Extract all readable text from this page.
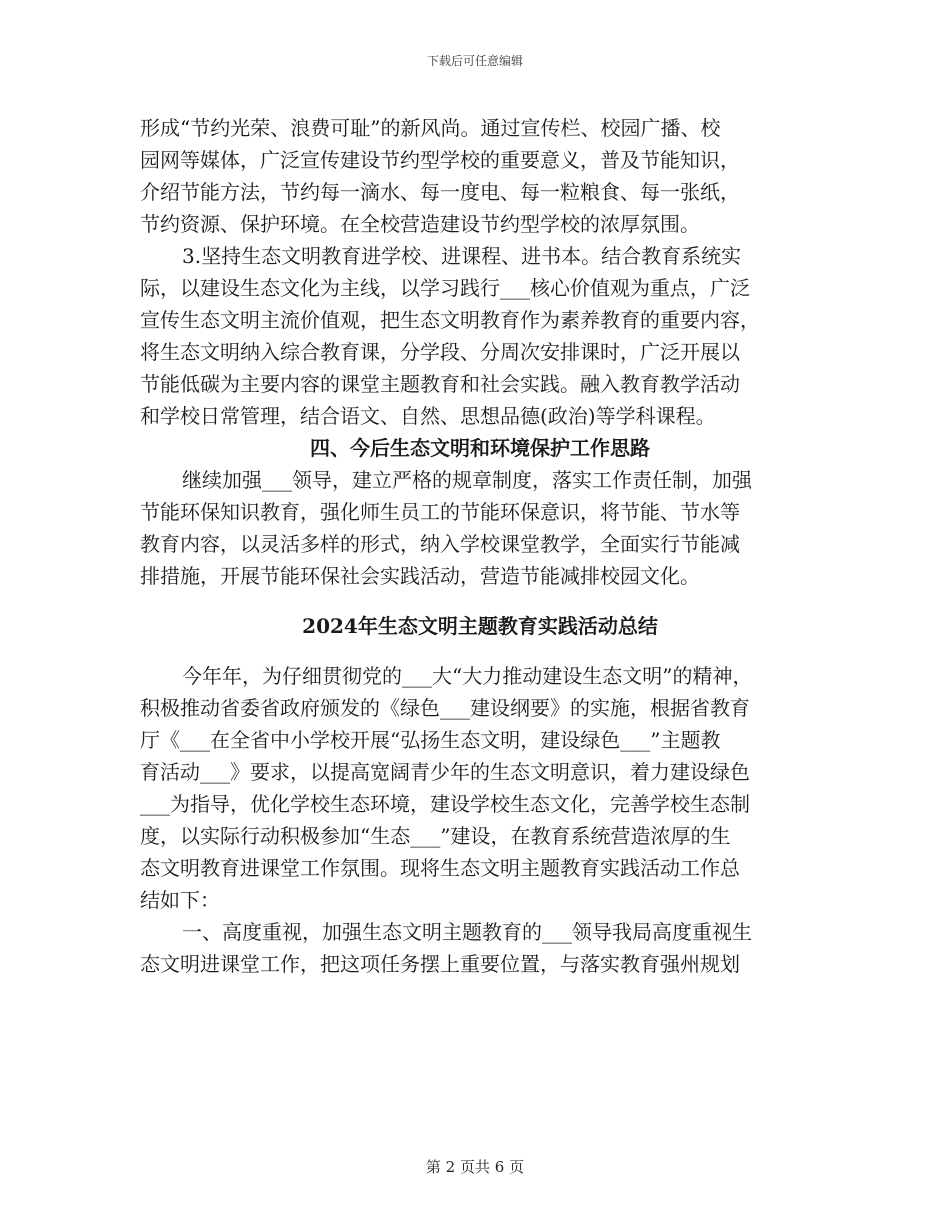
下载后可任意编辑
形成“节约光荣、浪费可耻”的新风尚。通过宣传栏、校园广播、校
园网等媒体，广泛宣传建设节约型学校的重要意义，普及节能知识，
介绍节能方法，节约每一滴水、每一度电、每一粒粮食、每一张纸，
节约资源、保护环境。在全校营造建设节约型学校的浓厚氛围。
3.坚持生态文明教育进学校、进课程、进书本。结合教育系统实
际，以建设生态文化为主线，以学习践行___核心价值观为重点，广泛
宣传生态文明主流价值观，把生态文明教育作为素养教育的重要内容，
将生态文明纳入综合教育课，分学段、分周次安排课时，广泛开展以
节能低碳为主要内容的课堂主题教育和社会实践。融入教育教学活动
和学校日常管理，结合语文、自然、思想品德(政治)等学科课程。
四、今后生态文明和环境保护工作思路
继续加强___领导，建立严格的规章制度，落实工作责任制，加强
节能环保知识教育，强化师生员工的节能环保意识，将节能、节水等
教育内容，以灵活多样的形式，纳入学校课堂教学，全面实行节能减
排措施，开展节能环保社会实践活动，营造节能减排校园文化。
2024年生态文明主题教育实践活动总结
今年年，为仔细贯彻党的___大“大力推动建设生态文明”的精神，
积极推动省委省政府颁发的《绿色___建设纲要》的实施，根据省教育
厅《___在全省中小学校开展“弘扬生态文明，建设绿色___”主题教
育活动___》要求，以提高宽阔青少年的生态文明意识，着力建设绿色
___为指导，优化学校生态环境，建设学校生态文化，完善学校生态制
度，以实际行动积极参加“生态___”建设，在教育系统营造浓厚的生
态文明教育进课堂工作氛围。现将生态文明主题教育实践活动工作总
结如下：
一、高度重视，加强生态文明主题教育的___领导我局高度重视生
态文明进课堂工作，把这项任务摆上重要位置，与落实教育强州规划
第 2 页共 6 页
